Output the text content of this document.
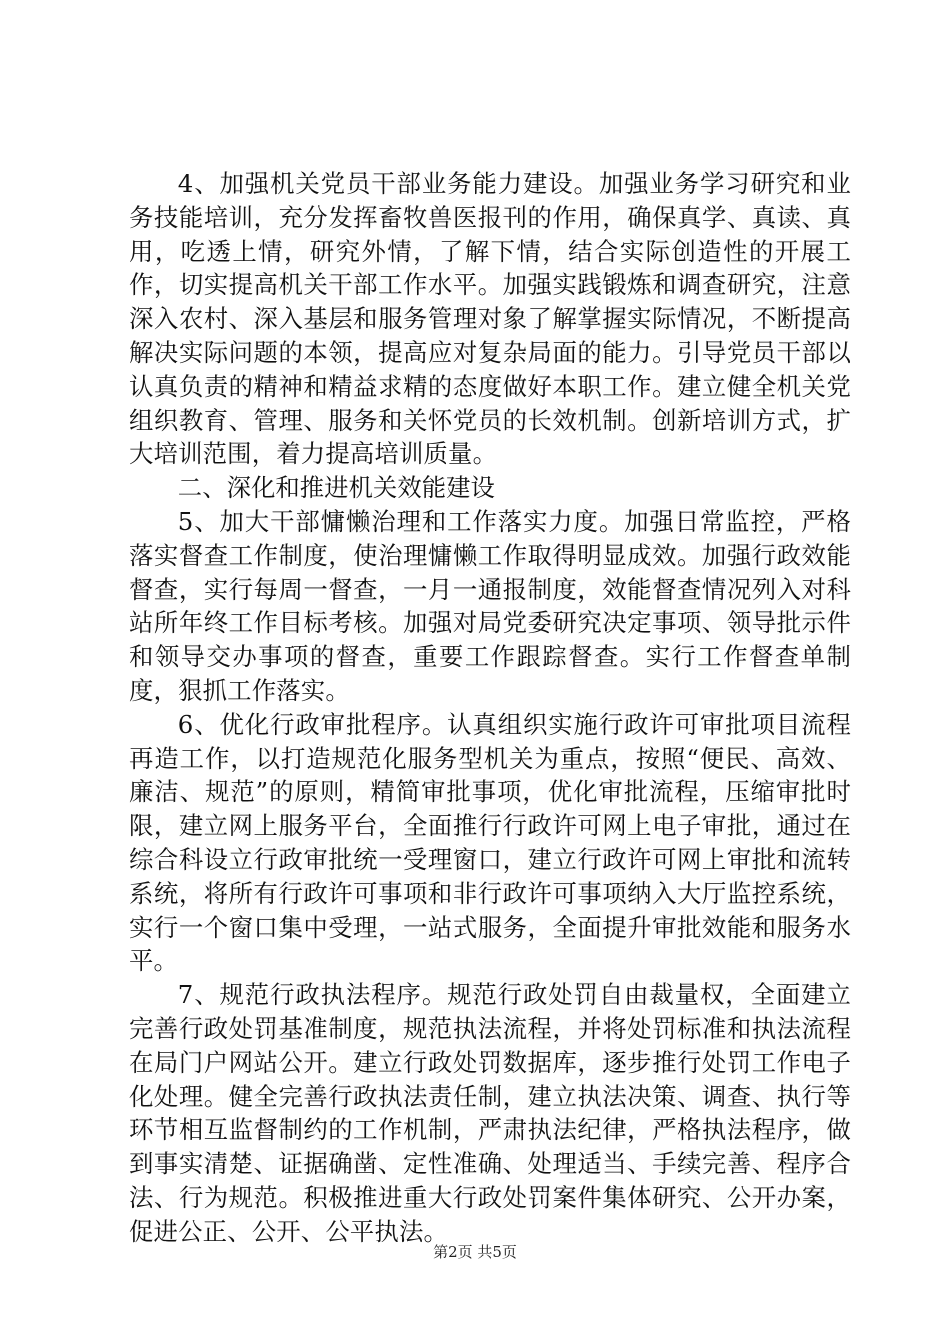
4、加强机关党员干部业务能力建设。加强业务学习研究和业务技能培训，充分发挥畜牧兽医报刊的作用，确保真学、真读、真用，吃透上情，研究外情，了解下情，结合实际创造性的开展工作，切实提高机关干部工作水平。加强实践锻炼和调查研究，注意深入农村、深入基层和服务管理对象了解掌握实际情况，不断提高解决实际问题的本领，提高应对复杂局面的能力。引导党员干部以认真负责的精神和精益求精的态度做好本职工作。建立健全机关党组织教育、管理、服务和关怀党员的长效机制。创新培训方式，扩大培训范围，着力提高培训质量。

二、深化和推进机关效能建设

5、加大干部慵懒治理和工作落实力度。加强日常监控，严格落实督查工作制度，使治理慵懒工作取得明显成效。加强行政效能督查，实行每周一督查，一月一通报制度，效能督查情况列入对科站所年终工作目标考核。加强对局党委研究决定事项、领导批示件和领导交办事项的督查，重要工作跟踪督查。实行工作督查单制度，狠抓工作落实。

6、优化行政审批程序。认真组织实施行政许可审批项目流程再造工作，以打造规范化服务型机关为重点，按照“便民、高效、廉洁、规范”的原则，精简审批事项，优化审批流程，压缩审批时限，建立网上服务平台，全面推行行政许可网上电子审批，通过在综合科设立行政审批统一受理窗口，建立行政许可网上审批和流转系统，将所有行政许可事项和非行政许可事项纳入大厅监控系统，实行一个窗口集中受理，一站式服务，全面提升审批效能和服务水平。

7、规范行政执法程序。规范行政处罚自由裁量权，全面建立完善行政处罚基准制度，规范执法流程，并将处罚标准和执法流程在局门户网站公开。建立行政处罚数据库，逐步推行处罚工作电子化处理。健全完善行政执法责任制，建立执法决策、调查、执行等环节相互监督制约的工作机制，严肃执法纪律，严格执法程序，做到事实清楚、证据确凿、定性准确、处理适当、手续完善、程序合法、行为规范。积极推进重大行政处罚案件集体研究、公开办案，促进公正、公开、公平执法。

第2页 共5页
